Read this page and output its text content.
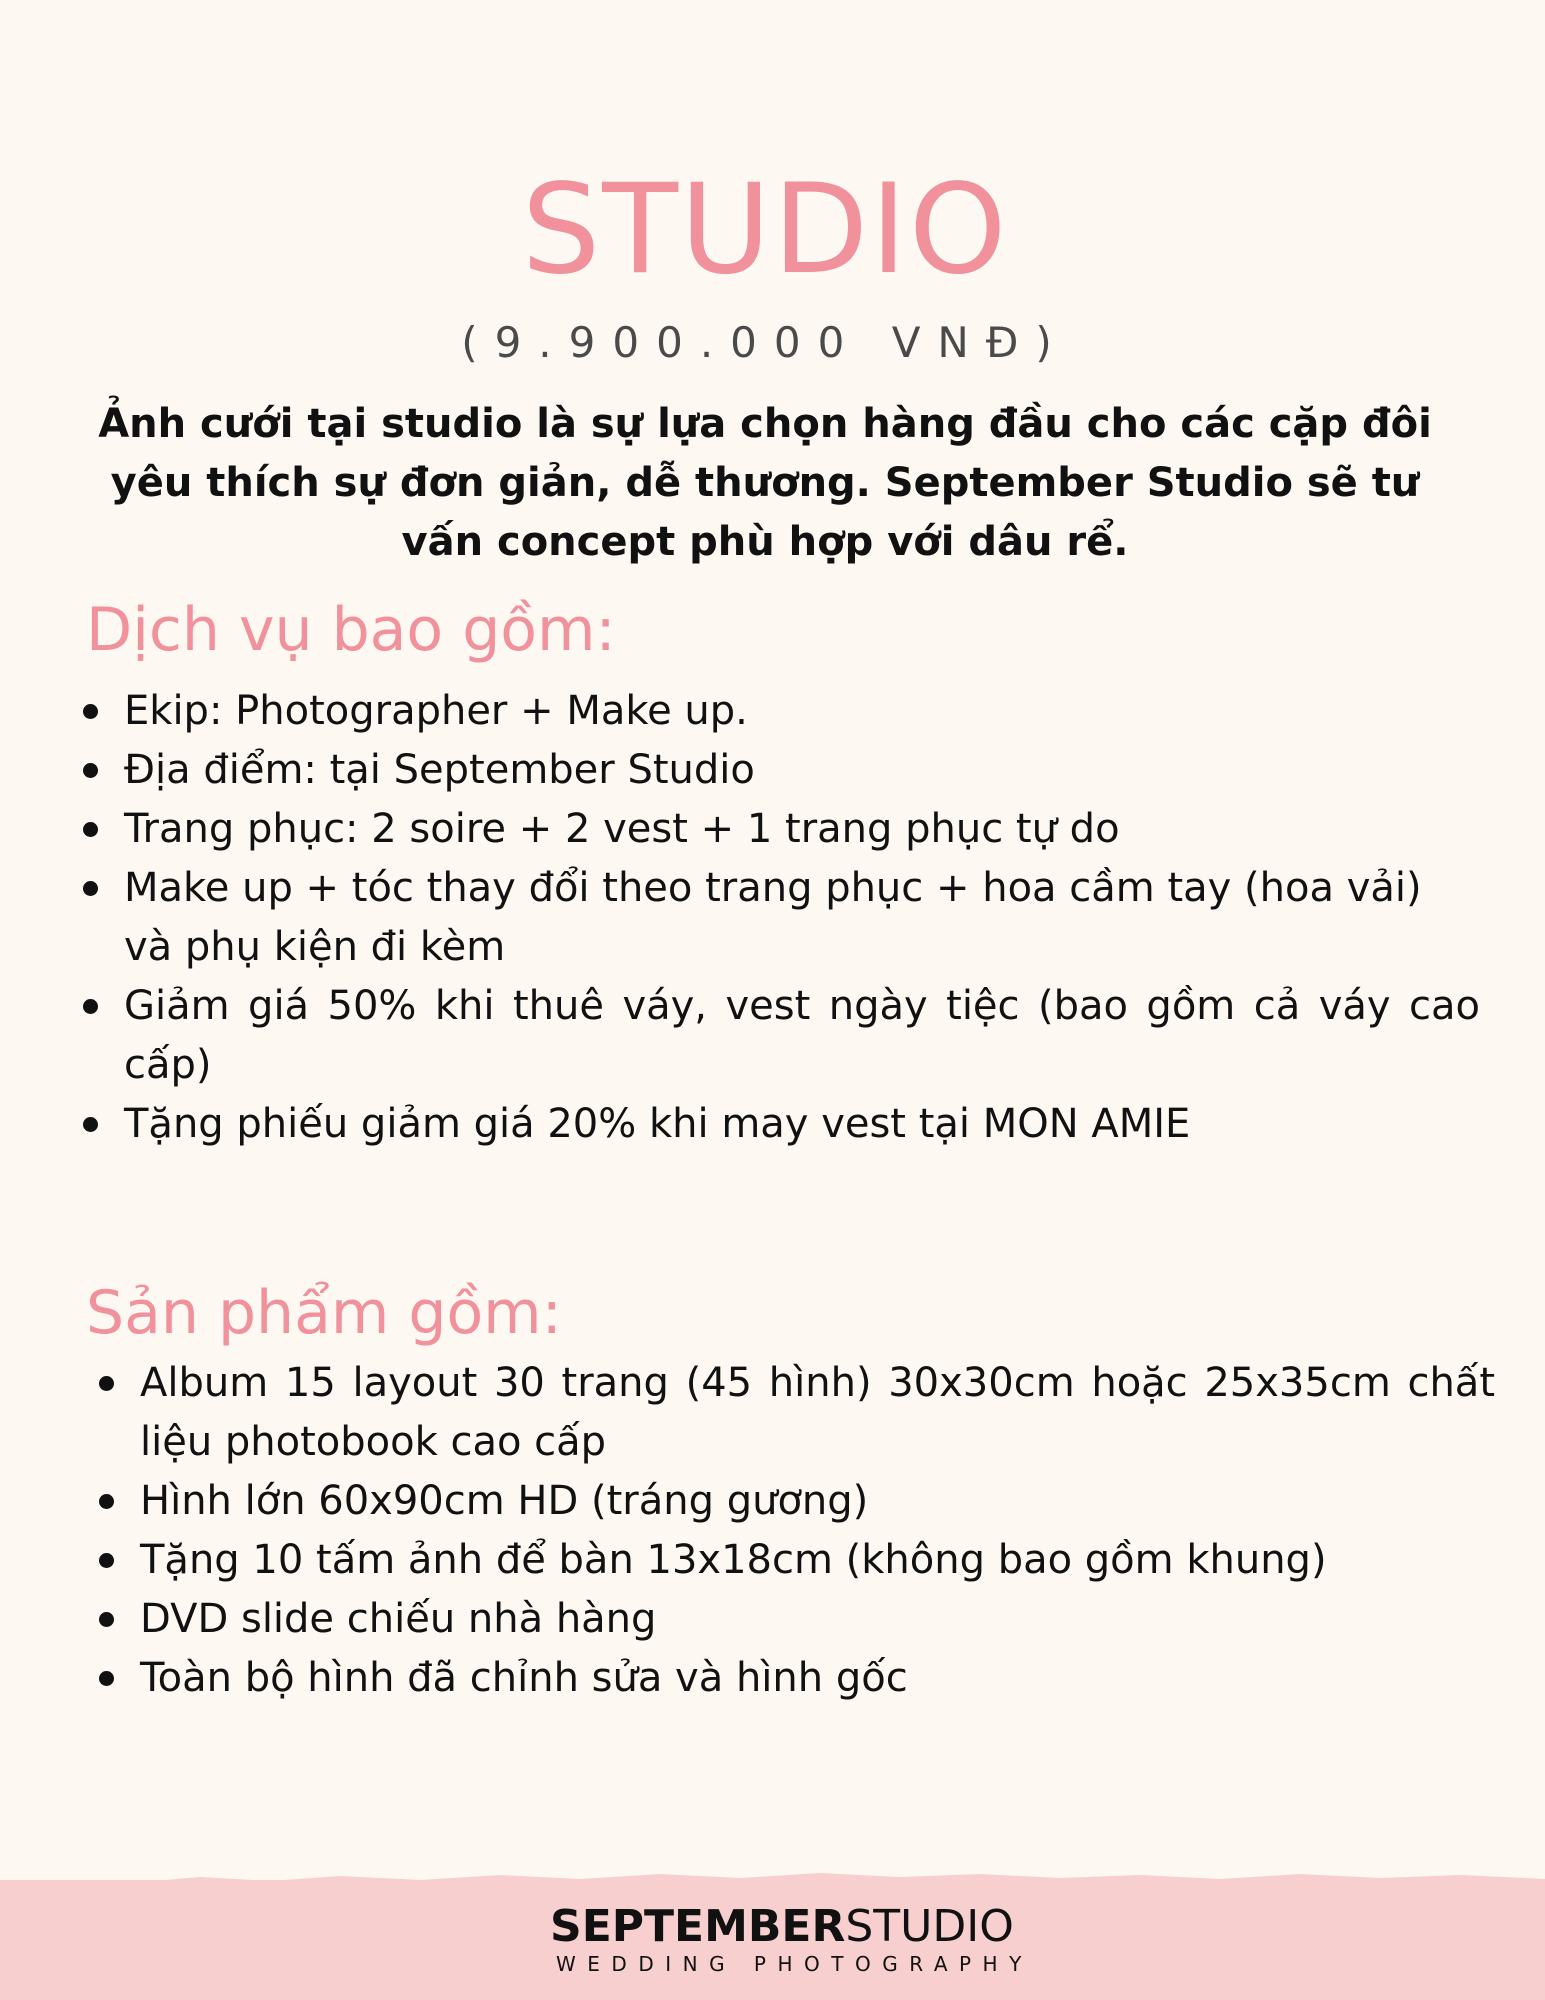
STUDIO
(9.900.000 VNĐ)

Ảnh cưới tại studio là sự lựa chọn hàng đầu cho các cặp đôi yêu thích sự đơn giản, dễ thương. September Studio sẽ tư vấn concept phù hợp với dâu rể.

Dịch vụ bao gồm:
Ekip: Photographer + Make up.
Địa điểm: tại September Studio
Trang phục: 2 soire + 2 vest + 1 trang phục tự do
Make up + tóc thay đổi theo trang phục + hoa cầm tay (hoa vải) và phụ kiện đi kèm
Giảm giá 50% khi thuê váy, vest ngày tiệc (bao gồm cả váy cao cấp)
Tặng phiếu giảm giá 20% khi may vest tại MON AMIE
Sản phẩm gồm:
Album 15 layout 30 trang (45 hình) 30x30cm hoặc 25x35cm chất liệu photobook cao cấp
Hình lớn 60x90cm HD (tráng gương)
Tặng 10 tấm ảnh để bàn 13x18cm (không bao gồm khung)
DVD slide chiếu nhà hàng
Toàn bộ hình đã chỉnh sửa và hình gốc
SEPTEMBERSTUDIO
WEDDING PHOTOGRAPHY
